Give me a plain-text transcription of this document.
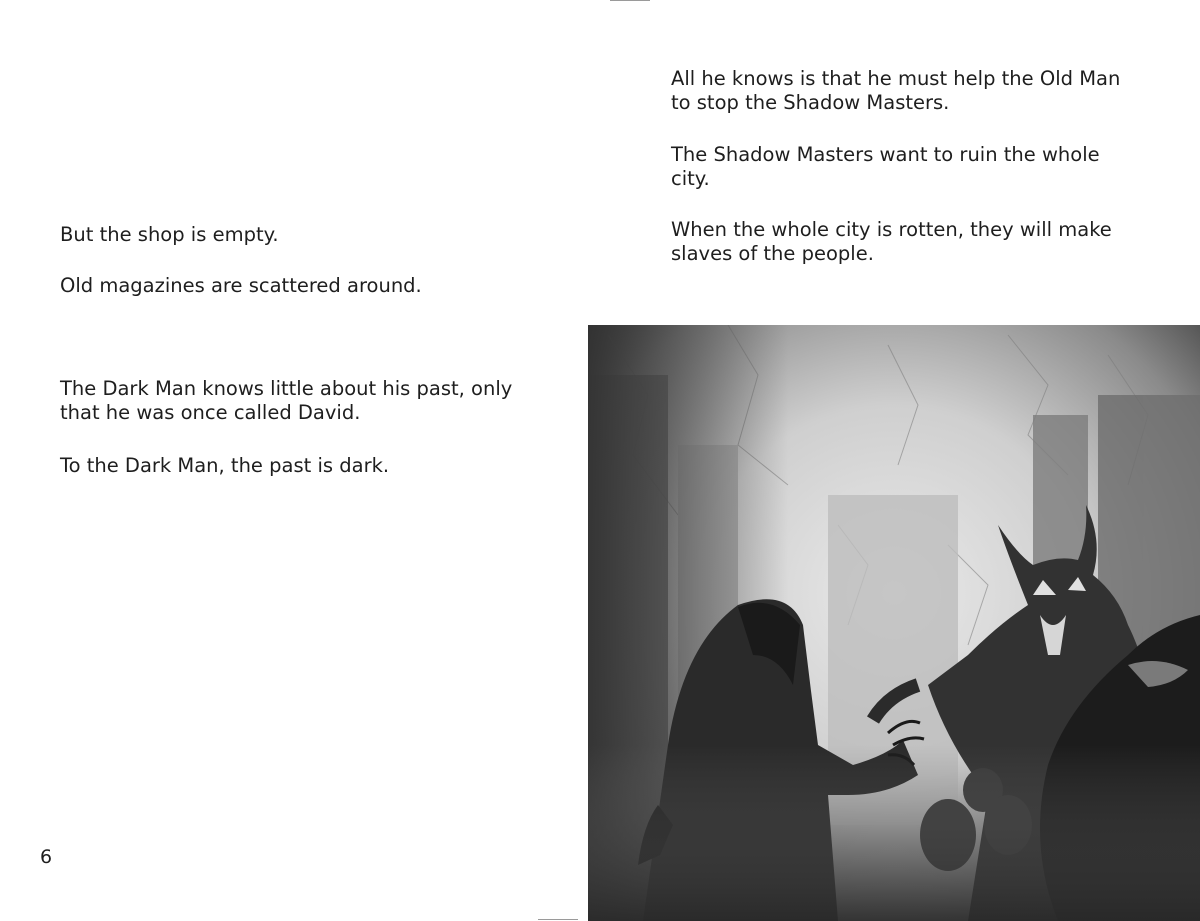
But the shop is empty.

Old magazines are scattered around.

The Dark Man knows little about his past, only
that he was once called David.

To the Dark Man, the past is dark.

6

All he knows is that he must help the Old Man
to stop the Shadow Masters.

The Shadow Masters want to ruin the whole
city.

When the whole city is rotten, they will make
slaves of the people.
